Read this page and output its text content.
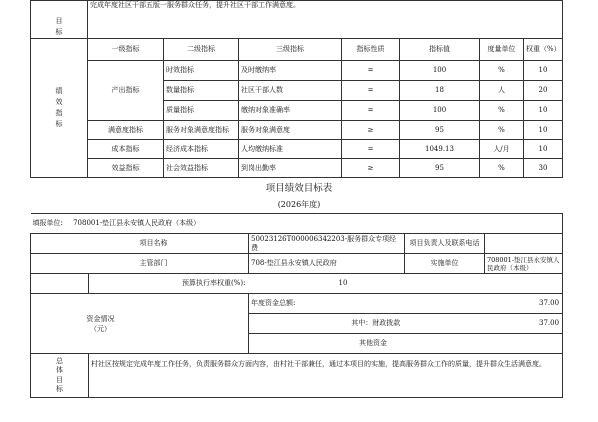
目
标	完成年度社区干部五版一服务群众任务，提升社区干部工作满意度。						
绩
效
指
标	一级指标	二级指标	三级指标	指标性质	指标值	度量单位	权重（%）
	产出指标	时效指标	及时缴纳率	=	100	%	10
		数量指标	社区干部人数	=	18	人	20
		质量指标	缴纳对象准确率	=	100	%	10
	满意度指标	服务对象满意度指标	服务对象满意度	≥	95	%	10
	成本指标	经济成本指标	人均缴纳标准	=	1049.13	人/月	10
	效益指标	社会效益指标	到岗出勤率	≥	95	%	30
项目绩效目标表
(2026年度)
填报单位: 708001-垫江县永安镇人民政府（本级）				
项目名称		50023126T000006342203-服务群众专项经费	项目负责人及联系电话	
主管部门		708-垫江县永安镇人民政府	实施单位	708001-垫江县永安镇人民政府（本级）
	预算执行率权重(%):	10		
资金情况
（元）		年度资金总额:		37.00
		其中：财政拨款		37.00
		其他资金		
总
体
目
标	村社区按规定完成年度工作任务，负责服务群众方面内容，由村社干部兼任，通过本项目的实施，提高服务群众工作的质量，提升群众生活满意度。			
